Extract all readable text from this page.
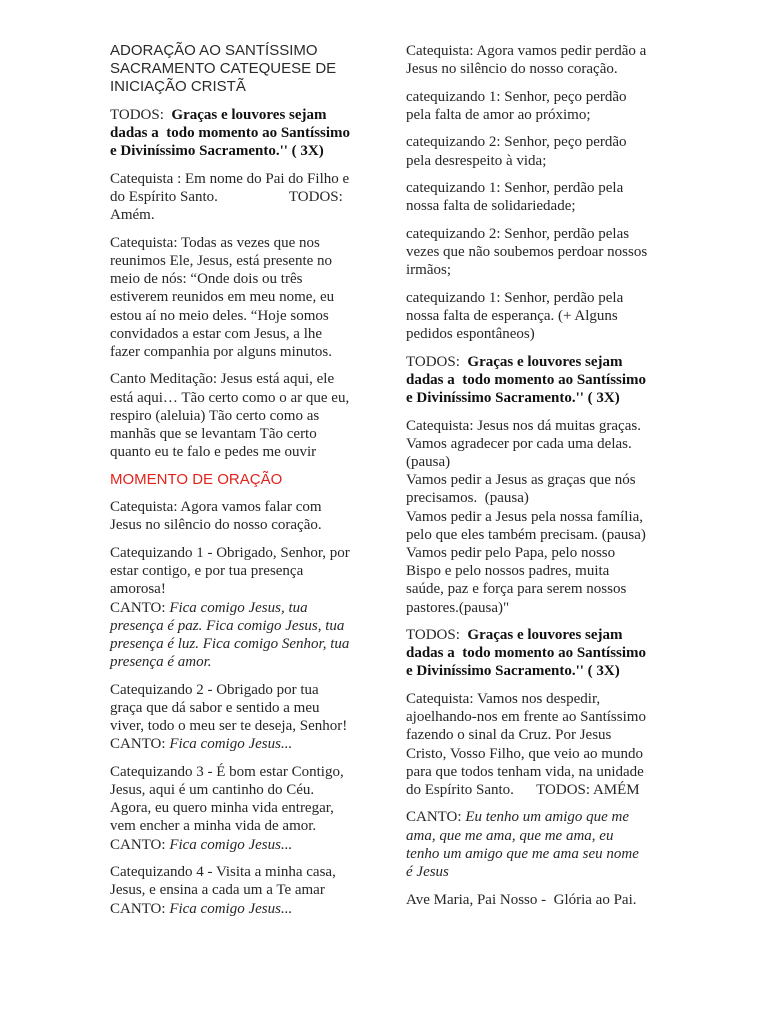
ADORAÇÃO AO SANTÍSSIMO
SACRAMENTO CATEQUESE DE
INICIAÇÃO CRISTÃ

TODOS:  Graças e louvores sejam
dadas a  todo momento ao Santíssimo
e Diviníssimo Sacramento.'' ( 3X)

Catequista : Em nome do Pai do Filho e
do Espírito Santo.                   TODOS:
Amém.

Catequista: Todas as vezes que nos
reunimos Ele, Jesus, está presente no
meio de nós: “Onde dois ou três
estiverem reunidos em meu nome, eu
estou aí no meio deles. “Hoje somos
convidados a estar com Jesus, a lhe
fazer companhia por alguns minutos.

Canto Meditação: Jesus está aqui, ele
está aqui… Tão certo como o ar que eu,
respiro (aleluia) Tão certo como as
manhãs que se levantam Tão certo
quanto eu te falo e pedes me ouvir

MOMENTO DE ORAÇÃO

Catequista: Agora vamos falar com
Jesus no silêncio do nosso coração.

Catequizando 1 - Obrigado, Senhor, por
estar contigo, e por tua presença
amorosa!
CANTO: Fica comigo Jesus, tua
presença é paz. Fica comigo Jesus, tua
presença é luz. Fica comigo Senhor, tua
presença é amor.

Catequizando 2 - Obrigado por tua
graça que dá sabor e sentido a meu
viver, todo o meu ser te deseja, Senhor!
CANTO: Fica comigo Jesus...

Catequizando 3 - É bom estar Contigo,
Jesus, aqui é um cantinho do Céu.
Agora, eu quero minha vida entregar,
vem encher a minha vida de amor.
CANTO: Fica comigo Jesus...

Catequizando 4 - Visita a minha casa,
Jesus, e ensina a cada um a Te amar
CANTO: Fica comigo Jesus...

Catequista: Agora vamos pedir perdão a
Jesus no silêncio do nosso coração.

catequizando 1: Senhor, peço perdão
pela falta de amor ao próximo;

catequizando 2: Senhor, peço perdão
pela desrespeito à vida;

catequizando 1: Senhor, perdão pela
nossa falta de solidariedade;

catequizando 2: Senhor, perdão pelas
vezes que não soubemos perdoar nossos
irmãos;

catequizando 1: Senhor, perdão pela
nossa falta de esperança. (+ Alguns
pedidos espontâneos)

TODOS:  Graças e louvores sejam
dadas a  todo momento ao Santíssimo
e Diviníssimo Sacramento.'' ( 3X)

Catequista: Jesus nos dá muitas graças.
Vamos agradecer por cada uma delas.
(pausa)
Vamos pedir a Jesus as graças que nós
precisamos.  (pausa)
Vamos pedir a Jesus pela nossa família,
pelo que eles também precisam. (pausa)
Vamos pedir pelo Papa, pelo nosso
Bispo e pelo nossos padres, muita
saúde, paz e força para serem nossos
pastores.(pausa)"

TODOS:  Graças e louvores sejam
dadas a  todo momento ao Santíssimo
e Diviníssimo Sacramento.'' ( 3X)

Catequista: Vamos nos despedir,
ajoelhando-nos em frente ao Santíssimo
fazendo o sinal da Cruz. Por Jesus
Cristo, Vosso Filho, que veio ao mundo
para que todos tenham vida, na unidade
do Espírito Santo.      TODOS: AMÉM

CANTO: Eu tenho um amigo que me
ama, que me ama, que me ama, eu
tenho um amigo que me ama seu nome
é Jesus

Ave Maria, Pai Nosso -  Glória ao Pai.
